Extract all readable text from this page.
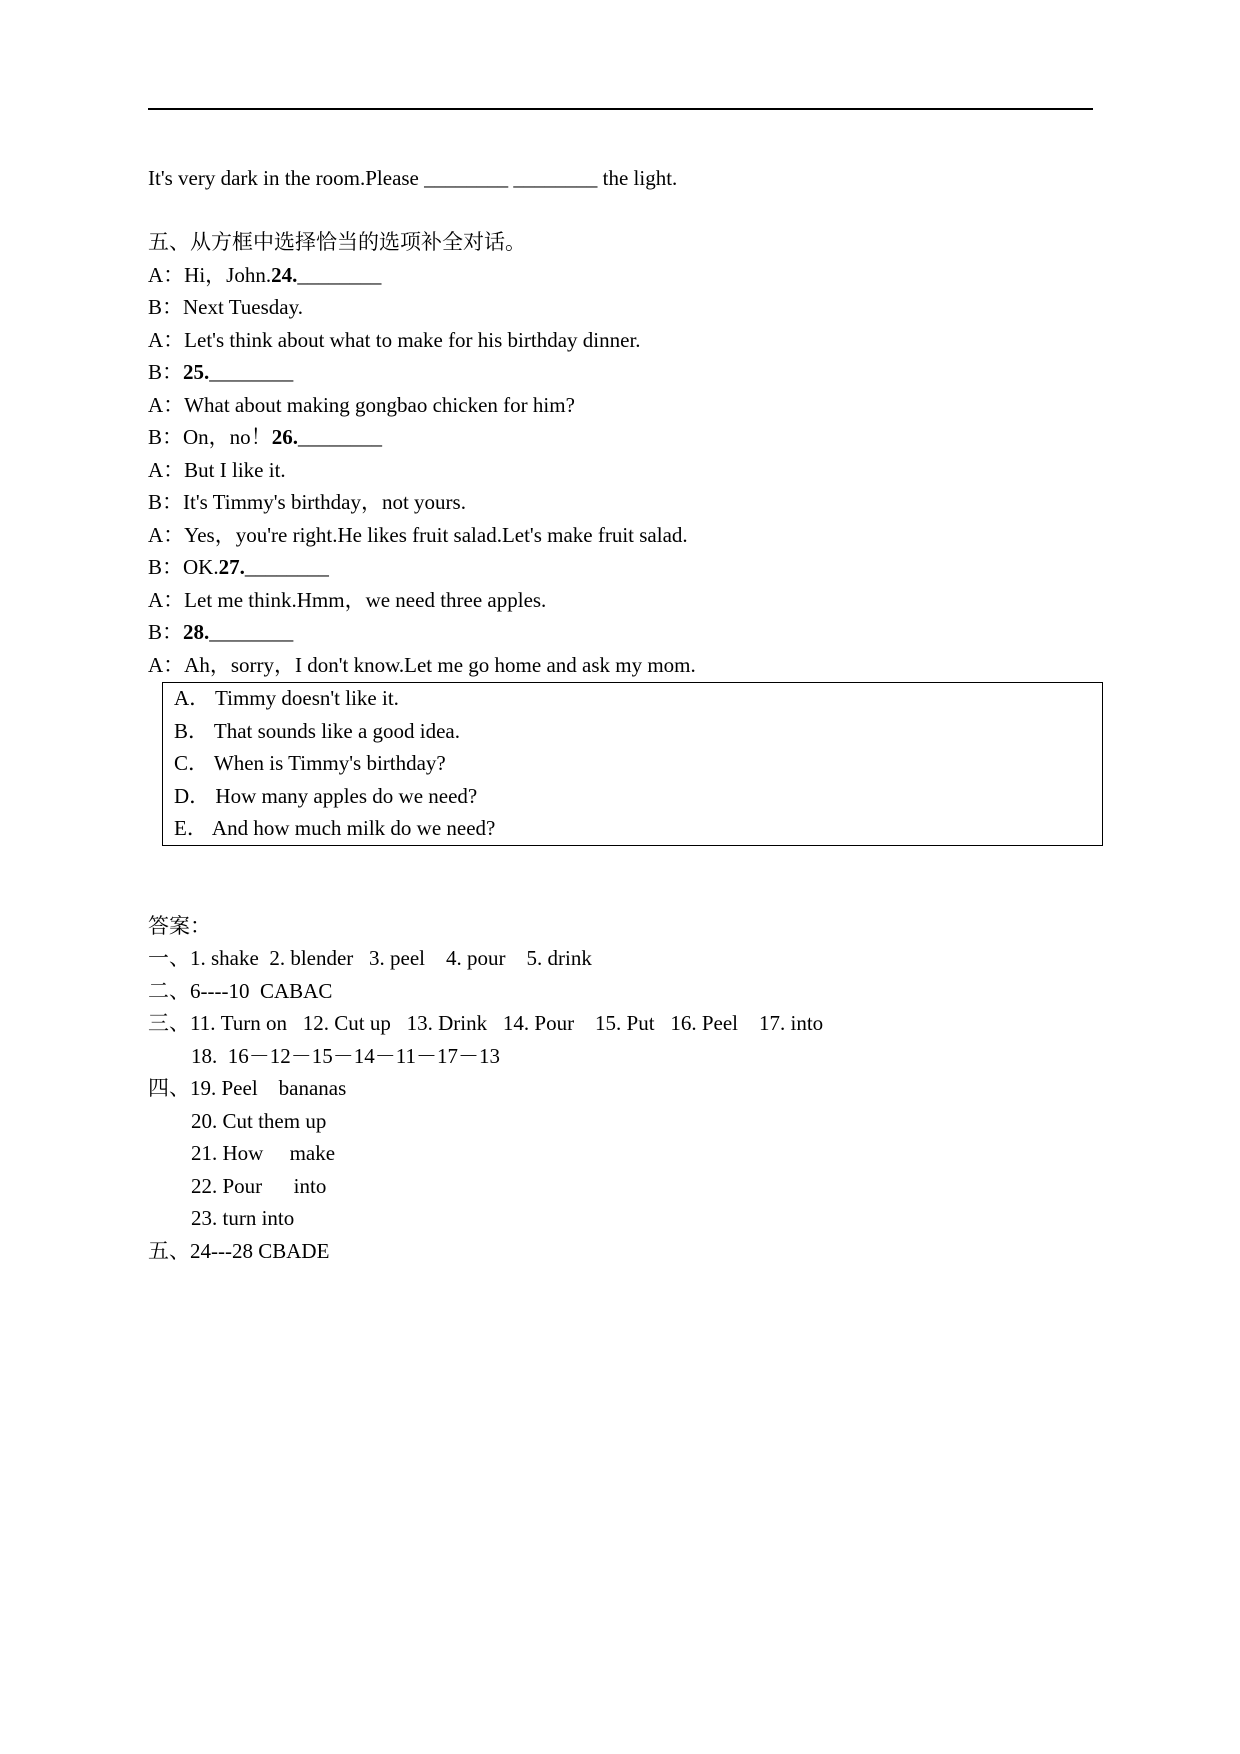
It's very dark in the room.Please ________ ________ the light.
五、从方框中选择恰当的选项补全对话。
A：Hi，John.24.________
B：Next Tuesday.
A：Let's think about what to make for his birthday dinner.
B：25.________
A：What about making gongbao chicken for him?
B：On，no！26.________
A：But I like it.
B：It's Timmy's birthday，not yours.
A：Yes，you're right.He likes fruit salad.Let's make fruit salad.
B：OK.27.________
A：Let me think.Hmm，we need three apples.
B：28.________
A：Ah，sorry，I don't know.Let me go home and ask my mom.
A． Timmy doesn't like it.
B． That sounds like a good idea.
C． When is Timmy's birthday?
D． How many apples do we need?
E． And how much milk do we need?
答案：
一、1. shake  2. blender   3. peel    4. pour    5. drink
二、6----10  CABAC
三、11. Turn on   12. Cut up   13. Drink   14. Pour    15. Put   16. Peel    17. into
18.  16－12－15－14－11－17－13
四、19. Peel    bananas
20. Cut them up
21. How     make
22. Pour      into
23. turn into
五、24---28 CBADE
